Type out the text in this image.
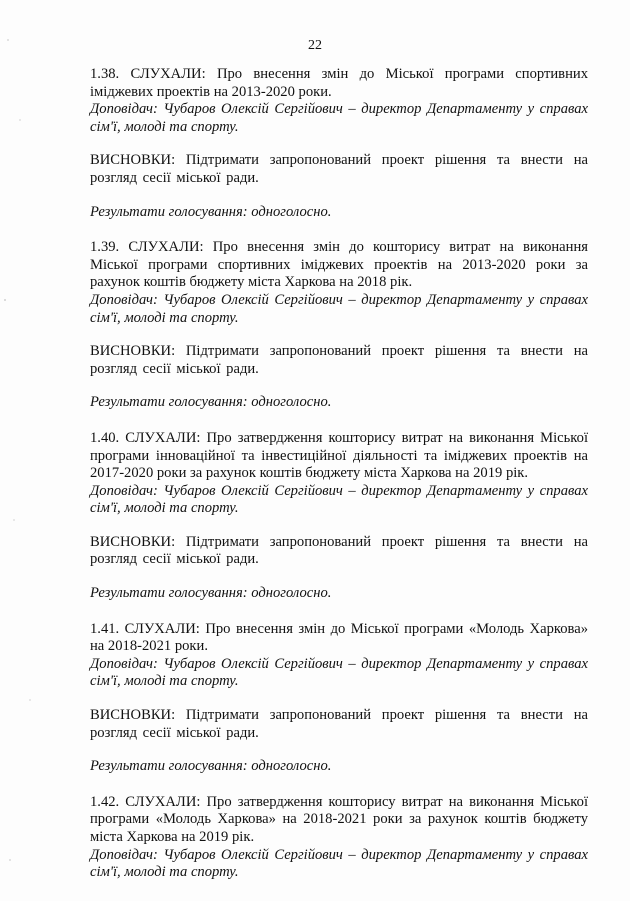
22

1.38. СЛУХАЛИ: Про внесення змін до Міської програми спортивних іміджевих проектів на 2013-2020 роки.

Доповідач: Чубаров Олексій Сергійович – директор Департаменту у справах сім'ї, молоді та спорту.

ВИСНОВКИ: Підтримати запропонований проект рішення та внести на розгляд сесії міської ради.

Результати голосування: одноголосно.

1.39. СЛУХАЛИ: Про внесення змін до кошторису витрат на виконання Міської програми спортивних іміджевих проектів на 2013-2020 роки за рахунок коштів бюджету міста Харкова на 2018 рік.

Доповідач: Чубаров Олексій Сергійович – директор Департаменту у справах сім'ї, молоді та спорту.

ВИСНОВКИ: Підтримати запропонований проект рішення та внести на розгляд сесії міської ради.

Результати голосування: одноголосно.

1.40. СЛУХАЛИ: Про затвердження кошторису витрат на виконання Міської програми інноваційної та інвестиційної діяльності та іміджевих проектів на 2017-2020 роки за рахунок коштів бюджету міста Харкова на 2019 рік.

Доповідач: Чубаров Олексій Сергійович – директор Департаменту у справах сім'ї, молоді та спорту.

ВИСНОВКИ: Підтримати запропонований проект рішення та внести на розгляд сесії міської ради.

Результати голосування: одноголосно.

1.41. СЛУХАЛИ: Про внесення змін до Міської програми «Молодь Харкова» на 2018-2021 роки.

Доповідач: Чубаров Олексій Сергійович – директор Департаменту у справах сім'ї, молоді та спорту.

ВИСНОВКИ: Підтримати запропонований проект рішення та внести на розгляд сесії міської ради.

Результати голосування: одноголосно.

1.42. СЛУХАЛИ: Про затвердження кошторису витрат на виконання Міської програми «Молодь Харкова» на 2018-2021 роки за рахунок коштів бюджету міста Харкова на 2019 рік.

Доповідач: Чубаров Олексій Сергійович – директор Департаменту у справах сім'ї, молоді та спорту.
